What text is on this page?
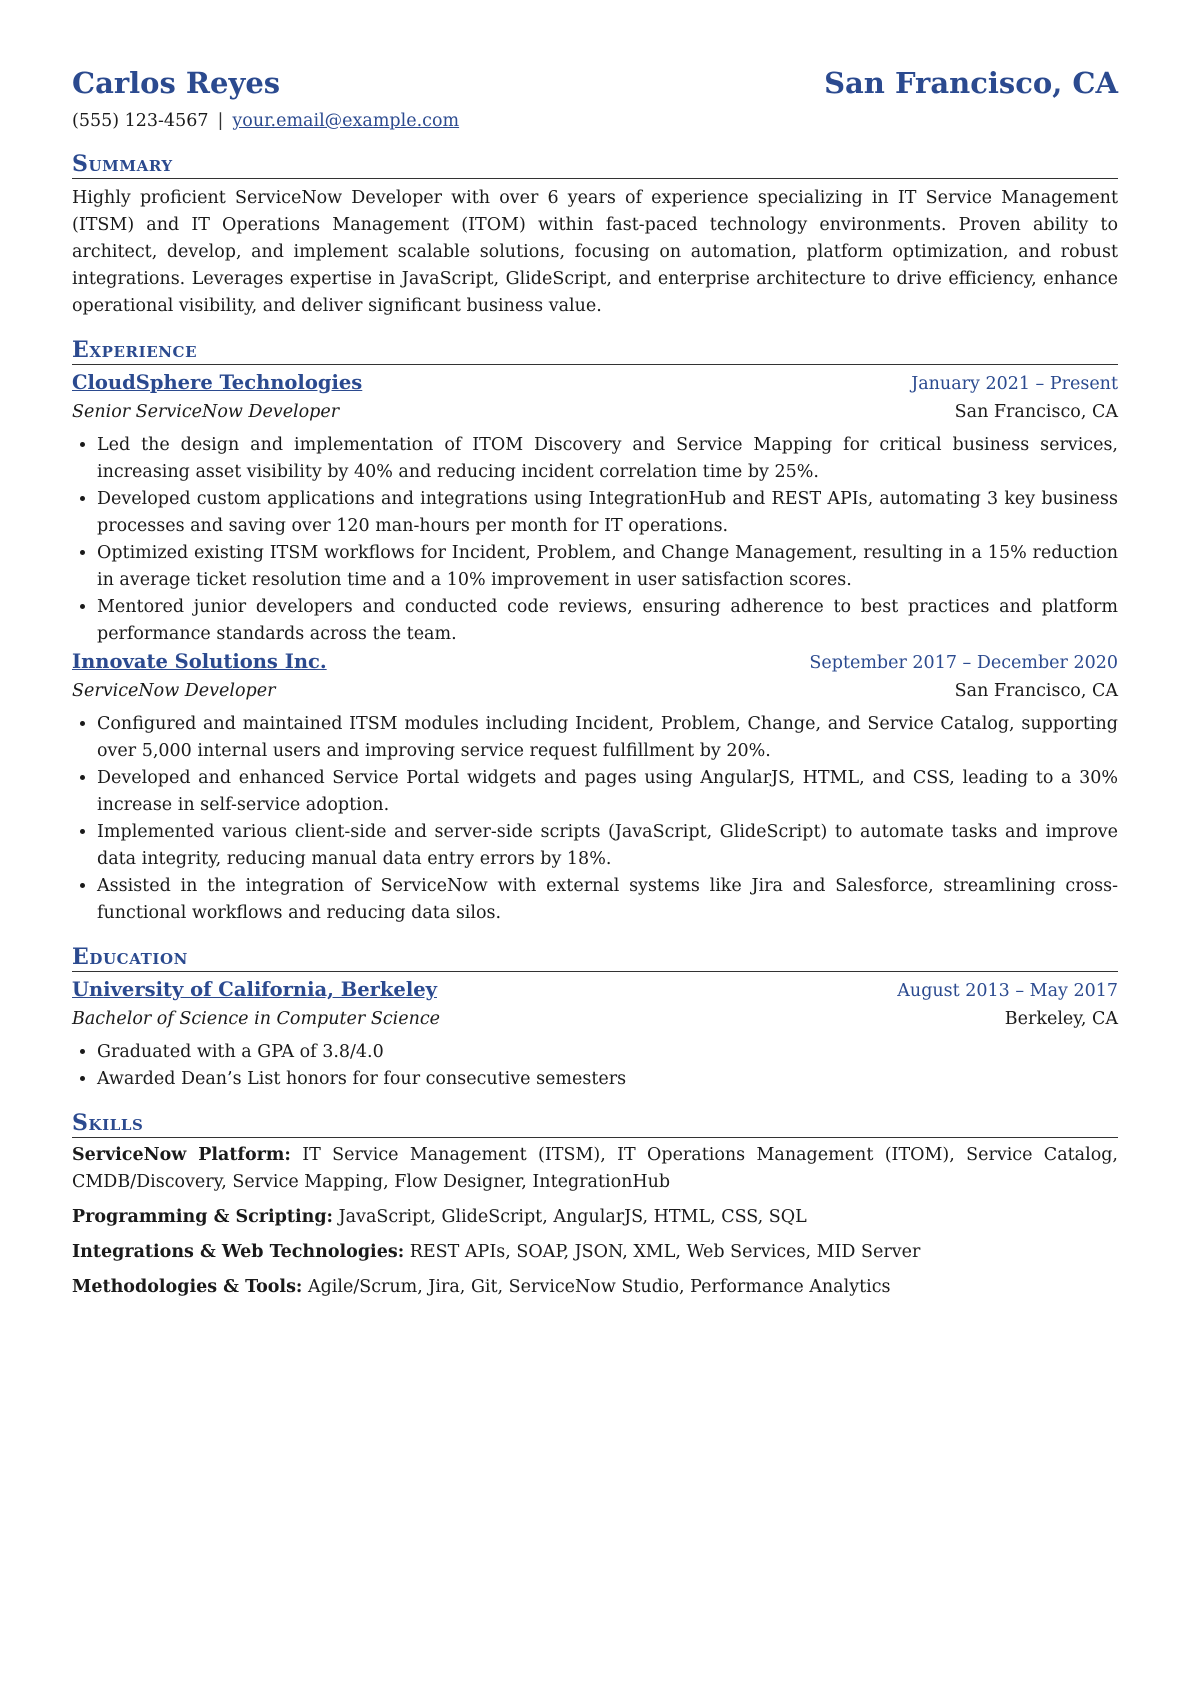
Carlos Reyes	San Francisco, CA
(555) 123-4567 | your.email@example.com
Summary
Highly proficient ServiceNow Developer with over 6 years of experience specializing in IT Service Management (ITSM) and IT Operations Management (ITOM) within fast-paced technology environments. Proven ability to architect, develop, and implement scalable solutions, focusing on automation, platform optimization, and robust integrations. Leverages expertise in JavaScript, GlideScript, and enterprise architecture to drive efficiency, enhance operational visibility, and deliver significant business value.
Experience
CloudSphere Technologies	January 2021 – Present
Senior ServiceNow Developer	San Francisco, CA
• Led the design and implementation of ITOM Discovery and Service Mapping for critical business services, increasing asset visibility by 40% and reducing incident correlation time by 25%.
• Developed custom applications and integrations using IntegrationHub and REST APIs, automating 3 key business processes and saving over 120 man-hours per month for IT operations.
• Optimized existing ITSM workflows for Incident, Problem, and Change Management, resulting in a 15% reduction in average ticket resolution time and a 10% improvement in user satisfaction scores.
• Mentored junior developers and conducted code reviews, ensuring adherence to best practices and platform performance standards across the team.
Innovate Solutions Inc.	September 2017 – December 2020
ServiceNow Developer	San Francisco, CA
• Configured and maintained ITSM modules including Incident, Problem, Change, and Service Catalog, supporting over 5,000 internal users and improving service request fulfillment by 20%.
• Developed and enhanced Service Portal widgets and pages using AngularJS, HTML, and CSS, leading to a 30% increase in self-service adoption.
• Implemented various client-side and server-side scripts (JavaScript, GlideScript) to automate tasks and improve data integrity, reducing manual data entry errors by 18%.
• Assisted in the integration of ServiceNow with external systems like Jira and Salesforce, streamlining cross-functional workflows and reducing data silos.
Education
University of California, Berkeley	August 2013 – May 2017
Bachelor of Science in Computer Science	Berkeley, CA
• Graduated with a GPA of 3.8/4.0
• Awarded Dean’s List honors for four consecutive semesters
Skills
ServiceNow Platform: IT Service Management (ITSM), IT Operations Management (ITOM), Service Catalog, CMDB/Discovery, Service Mapping, Flow Designer, IntegrationHub
Programming & Scripting: JavaScript, GlideScript, AngularJS, HTML, CSS, SQL
Integrations & Web Technologies: REST APIs, SOAP, JSON, XML, Web Services, MID Server
Methodologies & Tools: Agile/Scrum, Jira, Git, ServiceNow Studio, Performance Analytics
